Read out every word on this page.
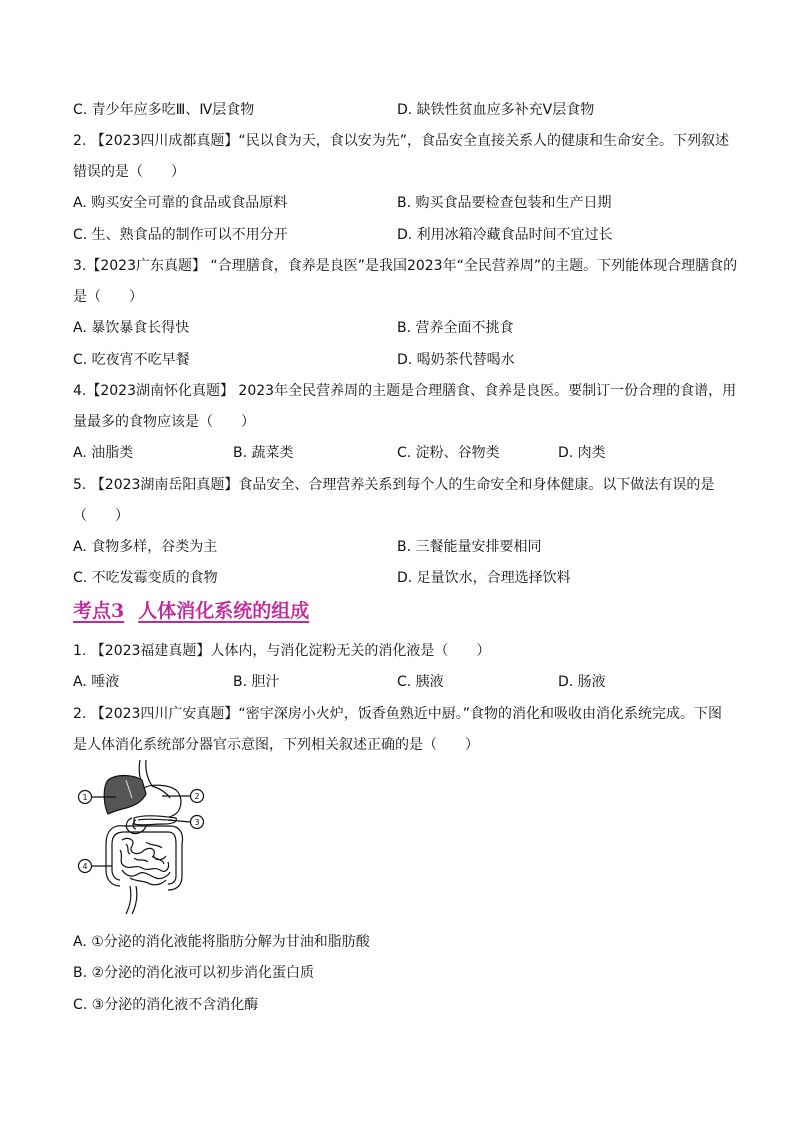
C. 青少年应多吃Ⅲ、Ⅳ层食物	D. 缺铁性贫血应多补充Ⅴ层食物
2. 【2023四川成都真题】“民以食为天，食以安为先”，食品安全直接关系人的健康和生命安全。下列叙述
错误的是（　　）
A. 购买安全可靠的食品或食品原料	B. 购买食品要检查包装和生产日期
C. 生、熟食品的制作可以不用分开	D. 利用冰箱冷藏食品时间不宜过长
3.【2023广东真题】 “合理膳食，食养是良医”是我国2023年“全民营养周”的主题。下列能体现合理膳食的
是（　　）
A. 暴饮暴食长得快	B. 营养全面不挑食
C. 吃夜宵不吃早餐	D. 喝奶茶代替喝水
4.【2023湖南怀化真题】 2023年全民营养周的主题是合理膳食、食养是良医。要制订一份合理的食谱，用
量最多的食物应该是（　　）
A. 油脂类	B. 蔬菜类	C. 淀粉、谷物类	D. 肉类
5. 【2023湖南岳阳真题】食品安全、合理营养关系到每个人的生命安全和身体健康。以下做法有误的是
（　　）
A. 食物多样，谷类为主	B. 三餐能量安排要相同
C. 不吃发霉变质的食物	D. 足量饮水，合理选择饮料
考点3 人体消化系统的组成
1. 【2023福建真题】人体内，与消化淀粉无关的消化液是（　　）
A. 唾液	B. 胆汁	C. 胰液	D. 肠液
2. 【2023四川广安真题】“密宇深房小火炉，饭香鱼熟近中厨。”食物的消化和吸收由消化系统完成。下图
是人体消化系统部分器官示意图，下列相关叙述正确的是（　　）
1	2
3
4
A. ①分泌的消化液能将脂肪分解为甘油和脂肪酸
B. ②分泌的消化液可以初步消化蛋白质
C. ③分泌的消化液不含消化酶
